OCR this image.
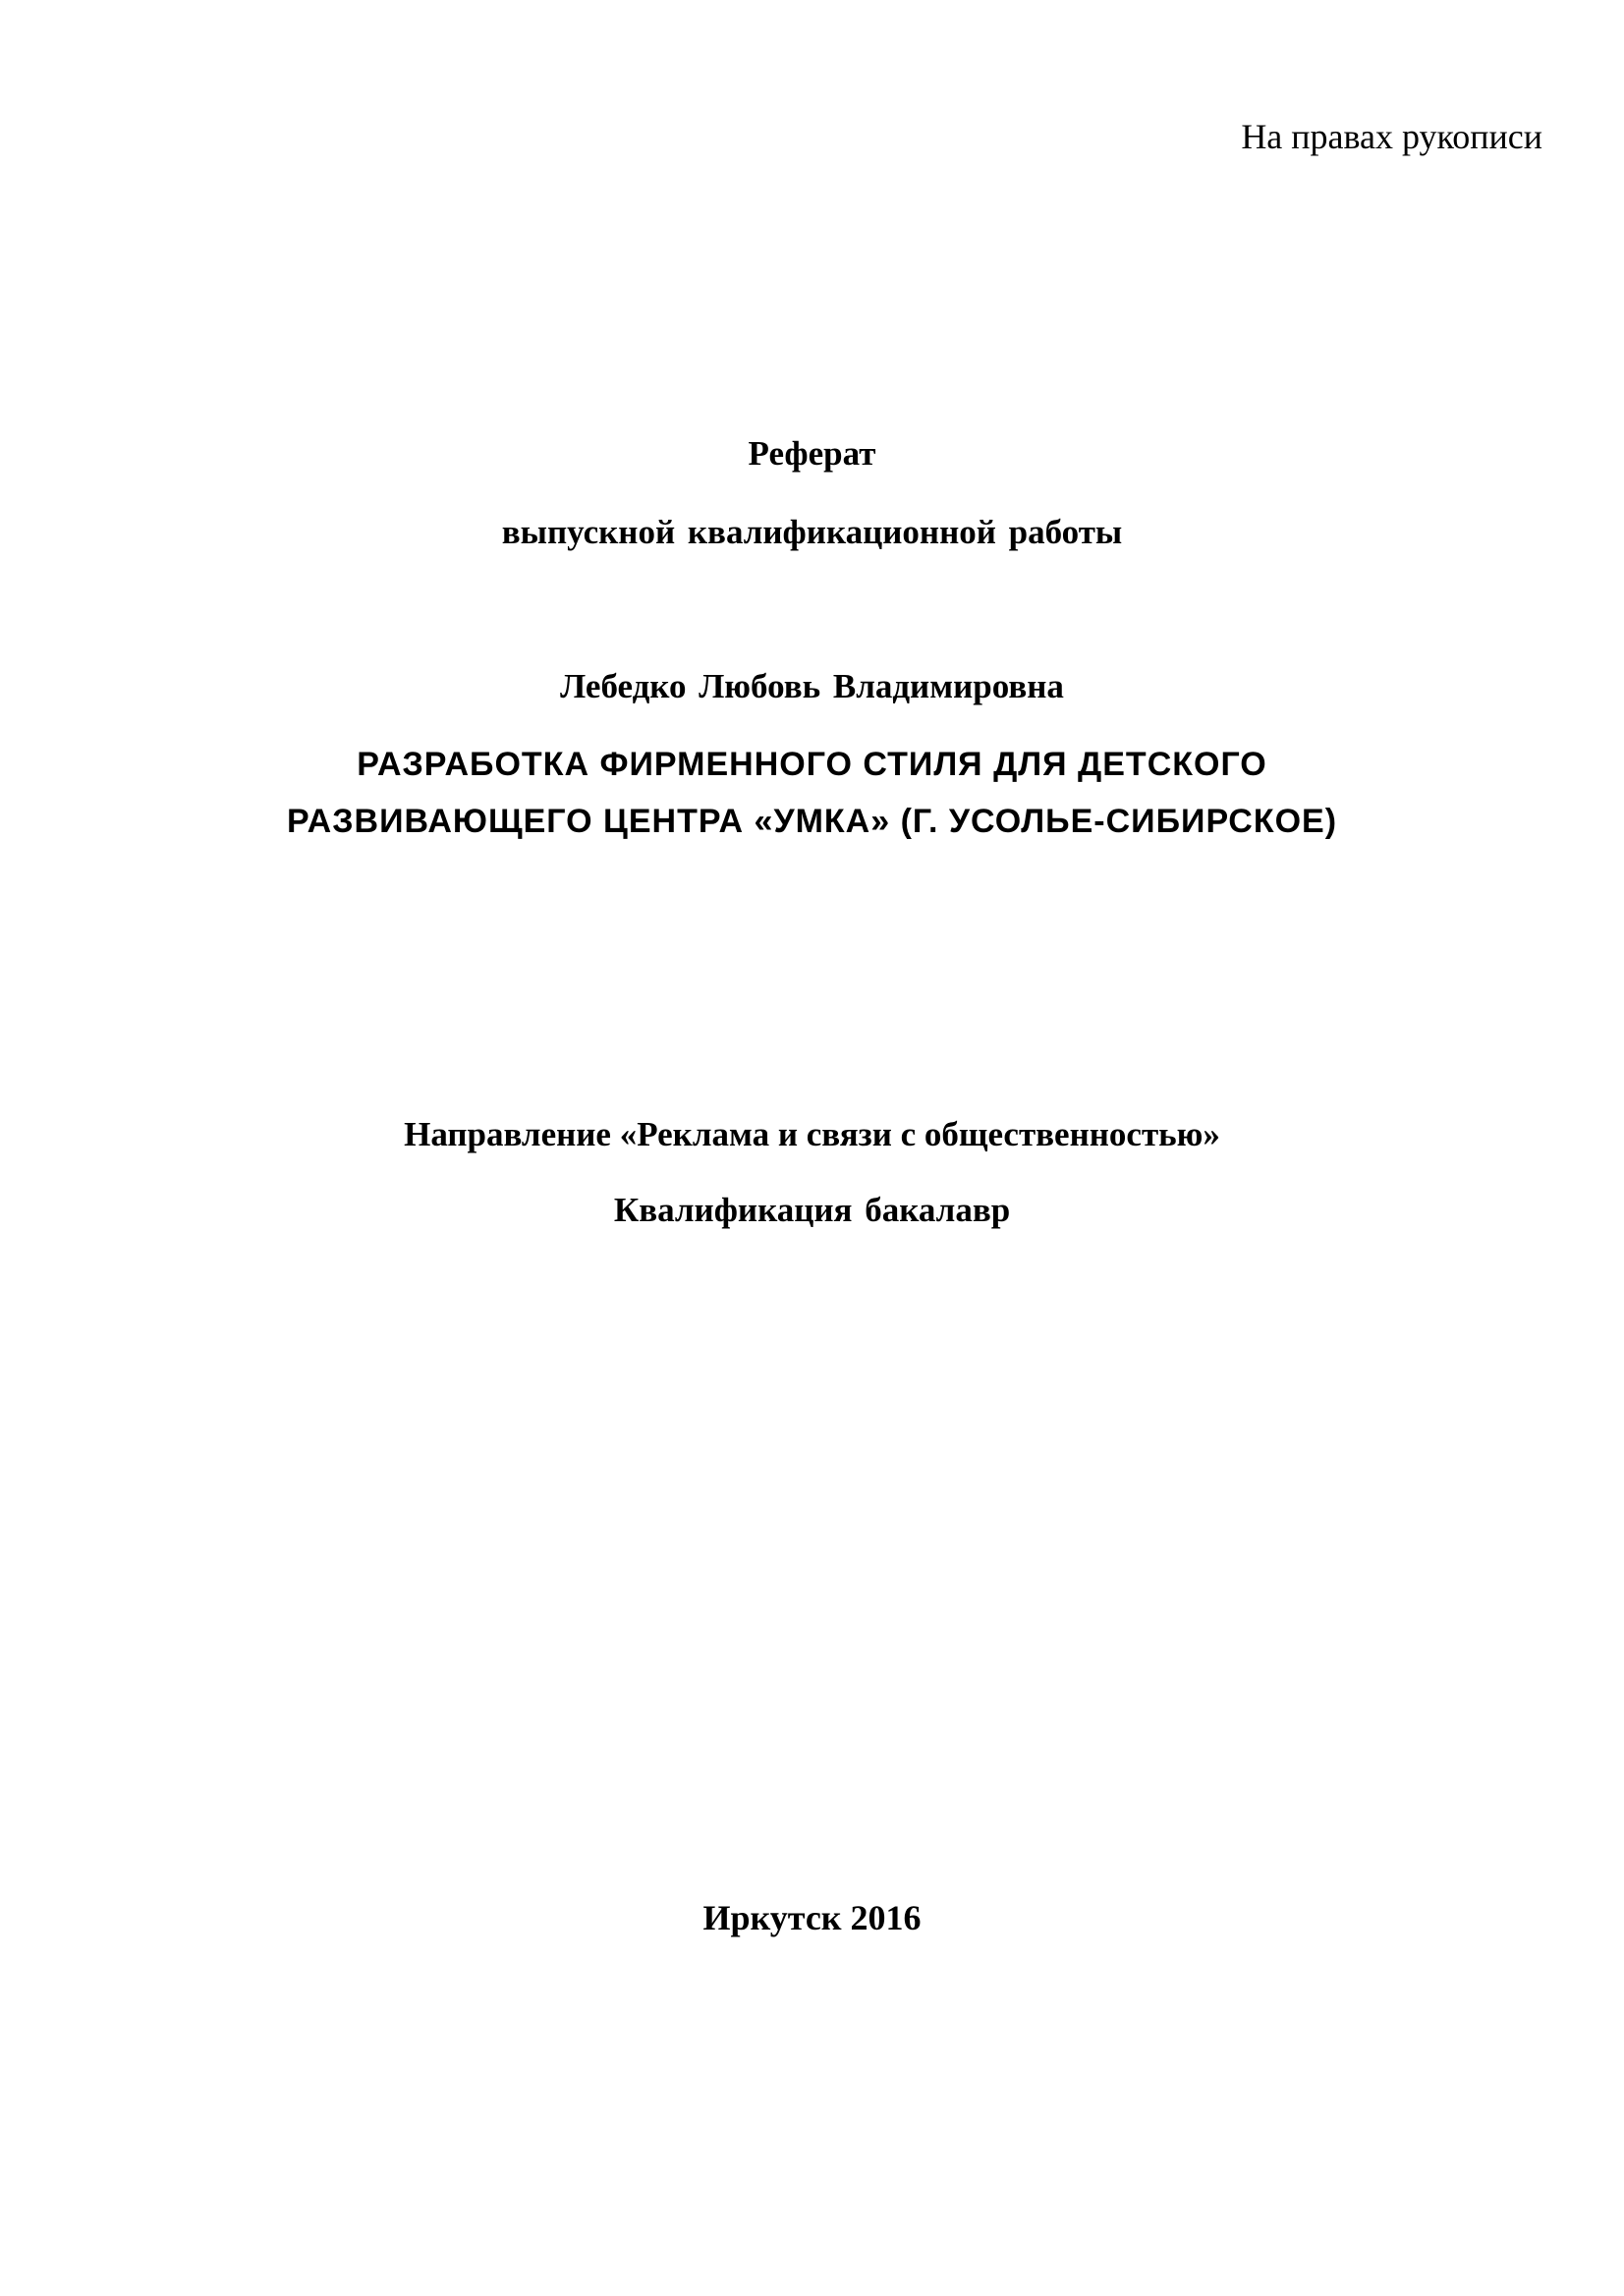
На правах рукописи
Реферат
выпускной квалификационной работы
Лебедко Любовь Владимировна
РАЗРАБОТКА ФИРМЕННОГО СТИЛЯ ДЛЯ ДЕТСКОГО
РАЗВИВАЮЩЕГО ЦЕНТРА «УМКА» (Г. УСОЛЬЕ-СИБИРСКОЕ)
Направление «Реклама и связи с общественностью»
Квалификация бакалавр
Иркутск 2016
